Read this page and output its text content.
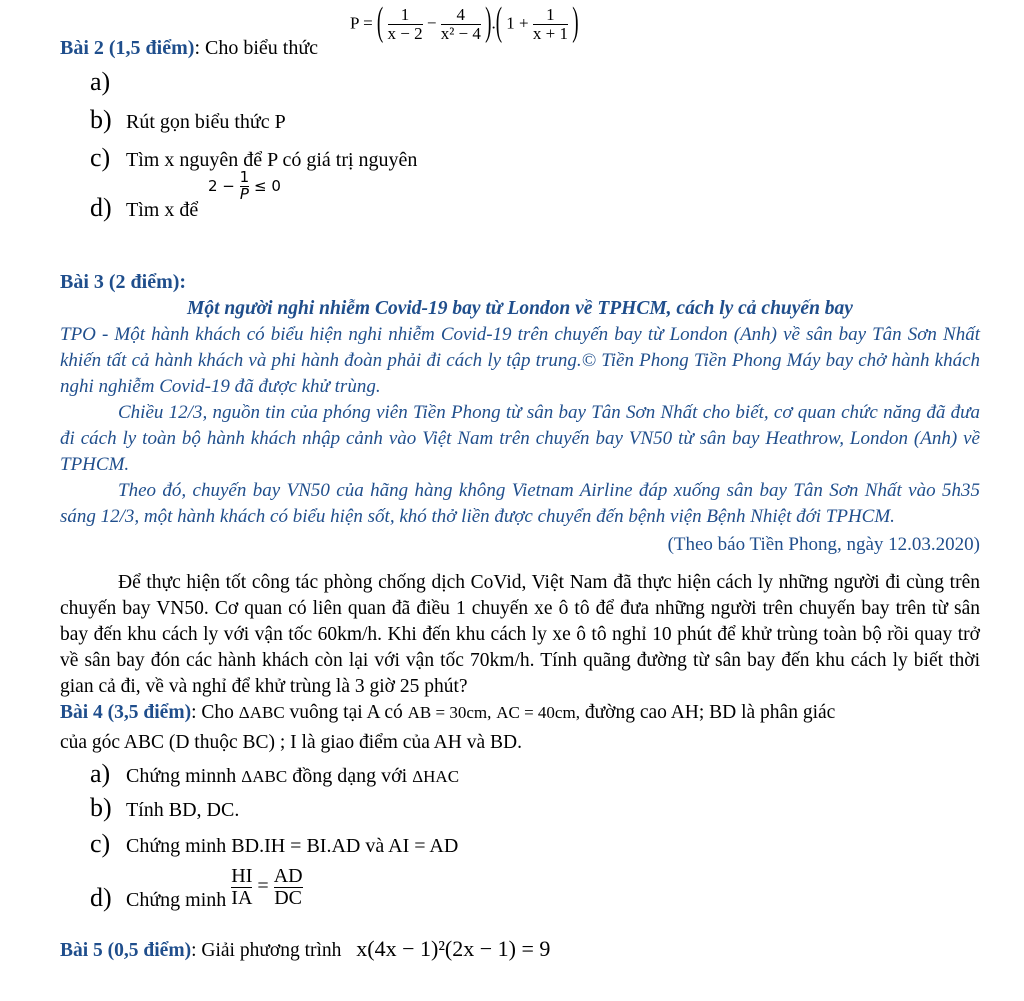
Bài 2 (1,5 điểm): Cho biểu thức
P = ( $\frac{1}{x - 2} - \frac{4}{\text{x² − 4}}$ ).( $1 + \frac{1}{x + 1}$ )
a)
b) Rút gọn biểu thức P
c) Tìm x nguyên để P có giá trị nguyên
d) Tìm x để
$2 - \frac{1}{P} \le 0$
Bài 3 (2 điểm):
Một người nghi nhiễm Covid-19 bay từ London về TPHCM, cách ly cả chuyến bay
TPO - Một hành khách có biểu hiện nghi nhiễm Covid-19 trên chuyến bay từ London (Anh) về sân bay Tân Sơn Nhất khiến tất cả hành khách và phi hành đoàn phải đi cách ly tập trung.© Tiền Phong Tiền Phong Máy bay chở hành khách nghi nghiễm Covid-19 đã được khử trùng.
Chiều 12/3, nguồn tin của phóng viên Tiền Phong từ sân bay Tân Sơn Nhất cho biết, cơ quan chức năng đã đưa đi cách ly toàn bộ hành khách nhập cảnh vào Việt Nam trên chuyến bay VN50 từ sân bay Heathrow, London (Anh) về TPHCM.
Theo đó, chuyến bay VN50 của hãng hàng không Vietnam Airline đáp xuống sân bay Tân Sơn Nhất vào 5h35 sáng 12/3, một hành khách có biểu hiện sốt, khó thở liền được chuyển đến bệnh viện Bệnh Nhiệt đới TPHCM.
(Theo báo Tiền Phong, ngày 12.03.2020)
Để thực hiện tốt công tác phòng chống dịch CoVid, Việt Nam đã thực hiện cách ly những người đi cùng trên chuyến bay VN50. Cơ quan có liên quan đã điều 1 chuyến xe ô tô để đưa những người trên chuyến bay trên từ sân bay đến khu cách ly với vận tốc 60km/h. Khi đến khu cách ly xe ô tô nghỉ 10 phút để khử trùng toàn bộ rồi quay trở về sân bay đón các hành khách còn lại với vận tốc 70km/h. Tính quãng đường từ sân bay đến khu cách ly biết thời gian cả đi, về và nghỉ để khử trùng là 3 giờ 25 phút?
Bài 4 (3,5 điểm): Cho ΔABC vuông tại A có AB = 30cm, AC = 40cm, đường cao AH; BD là phân giác
của góc ABC (D thuộc BC) ; I là giao điểm của AH và BD.
a) Chứng minnh ΔABC đồng dạng với ΔHAC
b) Tính BD, DC.
c) Chứng minh BD.IH = BI.AD và AI = AD
d) Chứng minh $\frac{HI}{IA} = \frac{AD}{DC}$
Bài 5 (0,5 điểm): Giải phương trình x(4x − 1)²(2x − 1) = 9
